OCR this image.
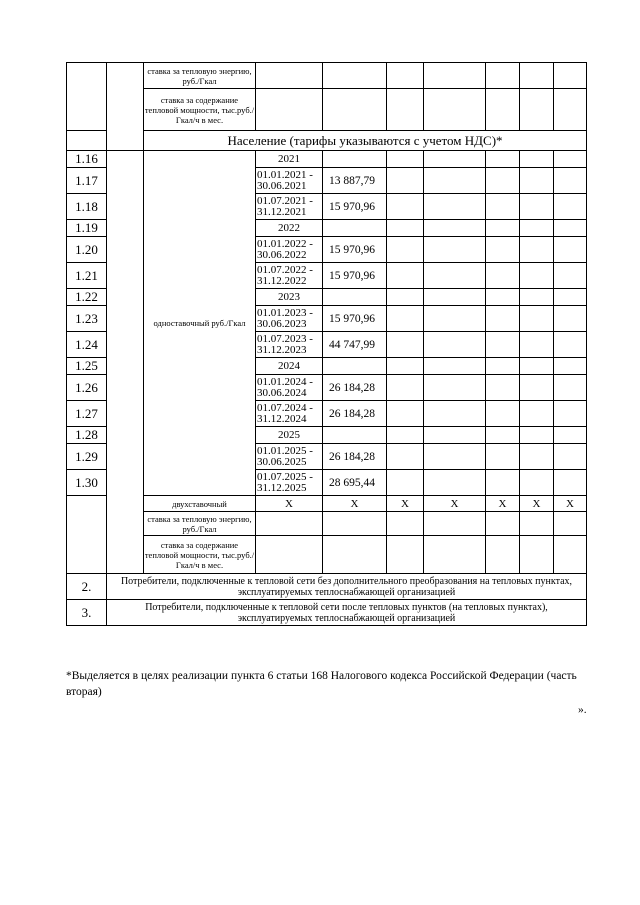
		ставка за тепловую энергию, руб./Гкал								
		ставка за содержание тепловой мощности, тыс.руб./Гкал/ч в мес.								
		Население (тарифы указываются с учетом НДС)*								
1.16		одноставочный руб./Гкал	2021							
1.17			01.01.2021 - 30.06.2021	13 887,79						
1.18			01.07.2021 - 31.12.2021	15 970,96						
1.19			2022							
1.20			01.01.2022 - 30.06.2022	15 970,96						
1.21			01.07.2022 - 31.12.2022	15 970,96						
1.22			2023							
1.23			01.01.2023 - 30.06.2023	15 970,96						
1.24			01.07.2023 - 31.12.2023	44 747,99						
1.25			2024							
1.26			01.01.2024 - 30.06.2024	26 184,28						
1.27			01.07.2024 - 31.12.2024	26 184,28						
1.28			2025							
1.29			01.01.2025 - 30.06.2025	26 184,28						
1.30			01.07.2025 - 31.12.2025	28 695,44						
		двухставочный	Х	Х	Х	Х	Х	Х	Х	
		ставка за тепловую энергию, руб./Гкал								
		ставка за содержание тепловой мощности, тыс.руб./Гкал/ч в мес.								
2.	Потребители, подключенные к тепловой сети без дополнительного преобразования на тепловых пунктах, эксплуатируемых теплоснабжающей организацией									
3.	Потребители, подключенные к тепловой сети после тепловых пунктов (на тепловых пунктах), эксплуатируемых теплоснабжающей организацией									
*Выделяется в целях реализации пункта 6 статьи 168 Налогового кодекса Российской Федерации (часть вторая)
».
